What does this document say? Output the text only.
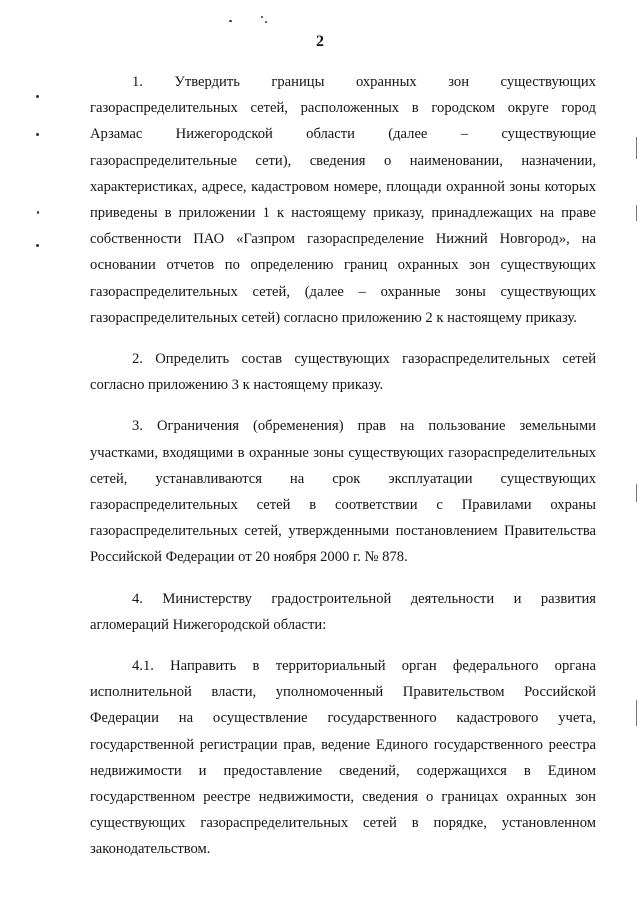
2

1. Утвердить границы охранных зон существующих газораспределительных сетей, расположенных в городском округе город Арзамас Нижегородской области (далее – существующие газораспределительные сети), сведения о наименовании, назначении, характеристиках, адресе, кадастровом номере, площади охранной зоны которых приведены в приложении 1 к настоящему приказу, принадлежащих на праве собственности ПАО «Газпром газораспределение Нижний Новгород», на основании отчетов по определению границ охранных зон существующих газораспределительных сетей, (далее – охранные зоны существующих газораспределительных сетей) согласно приложению 2 к настоящему приказу.

2. Определить состав существующих газораспределительных сетей согласно приложению 3 к настоящему приказу.

3. Ограничения (обременения) прав на пользование земельными участками, входящими в охранные зоны существующих газораспределительных сетей, устанавливаются на срок эксплуатации существующих газораспределительных сетей в соответствии с Правилами охраны газораспределительных сетей, утвержденными постановлением Правительства Российской Федерации от 20 ноября 2000 г. № 878.

4. Министерству градостроительной деятельности и развития агломераций Нижегородской области:

4.1. Направить в территориальный орган федерального органа исполнительной власти, уполномоченный Правительством Российской Федерации на осуществление государственного кадастрового учета, государственной регистрации прав, ведение Единого государственного реестра недвижимости и предоставление сведений, содержащихся в Едином государственном реестре недвижимости, сведения о границах охранных зон существующих газораспределительных сетей в порядке, установленном законодательством.
